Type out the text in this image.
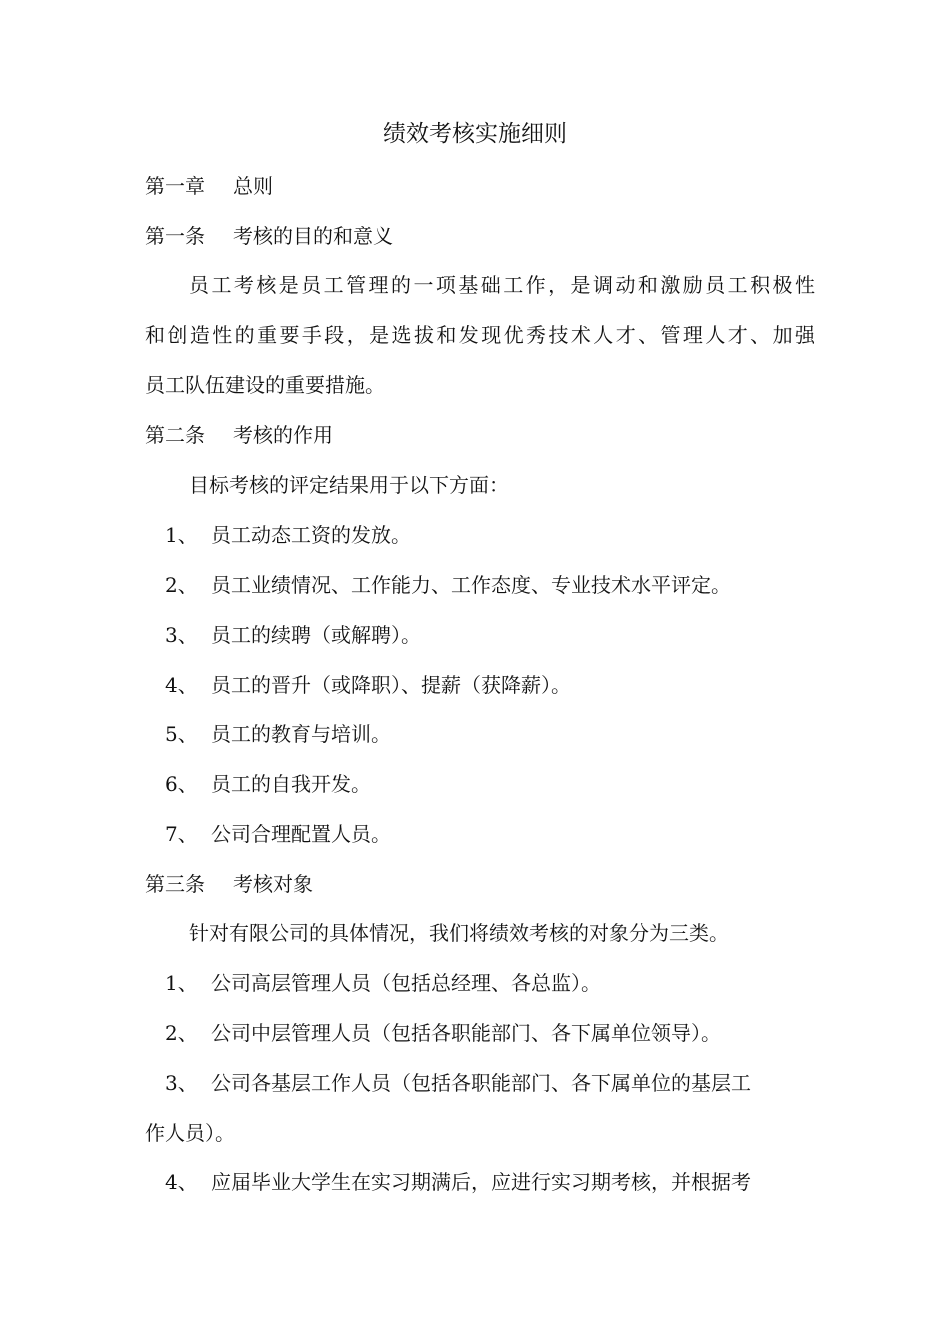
绩效考核实施细则
第一章 总则
第一条 考核的目的和意义
员工考核是员工管理的一项基础工作，是调动和激励员工积极性
和创造性的重要手段，是选拔和发现优秀技术人才、管理人才、加强
员工队伍建设的重要措施。
第二条 考核的作用
目标考核的评定结果用于以下方面：
1、 员工动态工资的发放。
2、 员工业绩情况、工作能力、工作态度、专业技术水平评定。
3、 员工的续聘（或解聘）。
4、 员工的晋升（或降职）、提薪（获降薪）。
5、 员工的教育与培训。
6、 员工的自我开发。
7、 公司合理配置人员。
第三条 考核对象
针对有限公司的具体情况，我们将绩效考核的对象分为三类。
1、 公司高层管理人员（包括总经理、各总监）。
2、 公司中层管理人员（包括各职能部门、各下属单位领导）。
3、 公司各基层工作人员（包括各职能部门、各下属单位的基层工
作人员）。
4、 应届毕业大学生在实习期满后，应进行实习期考核，并根据考
